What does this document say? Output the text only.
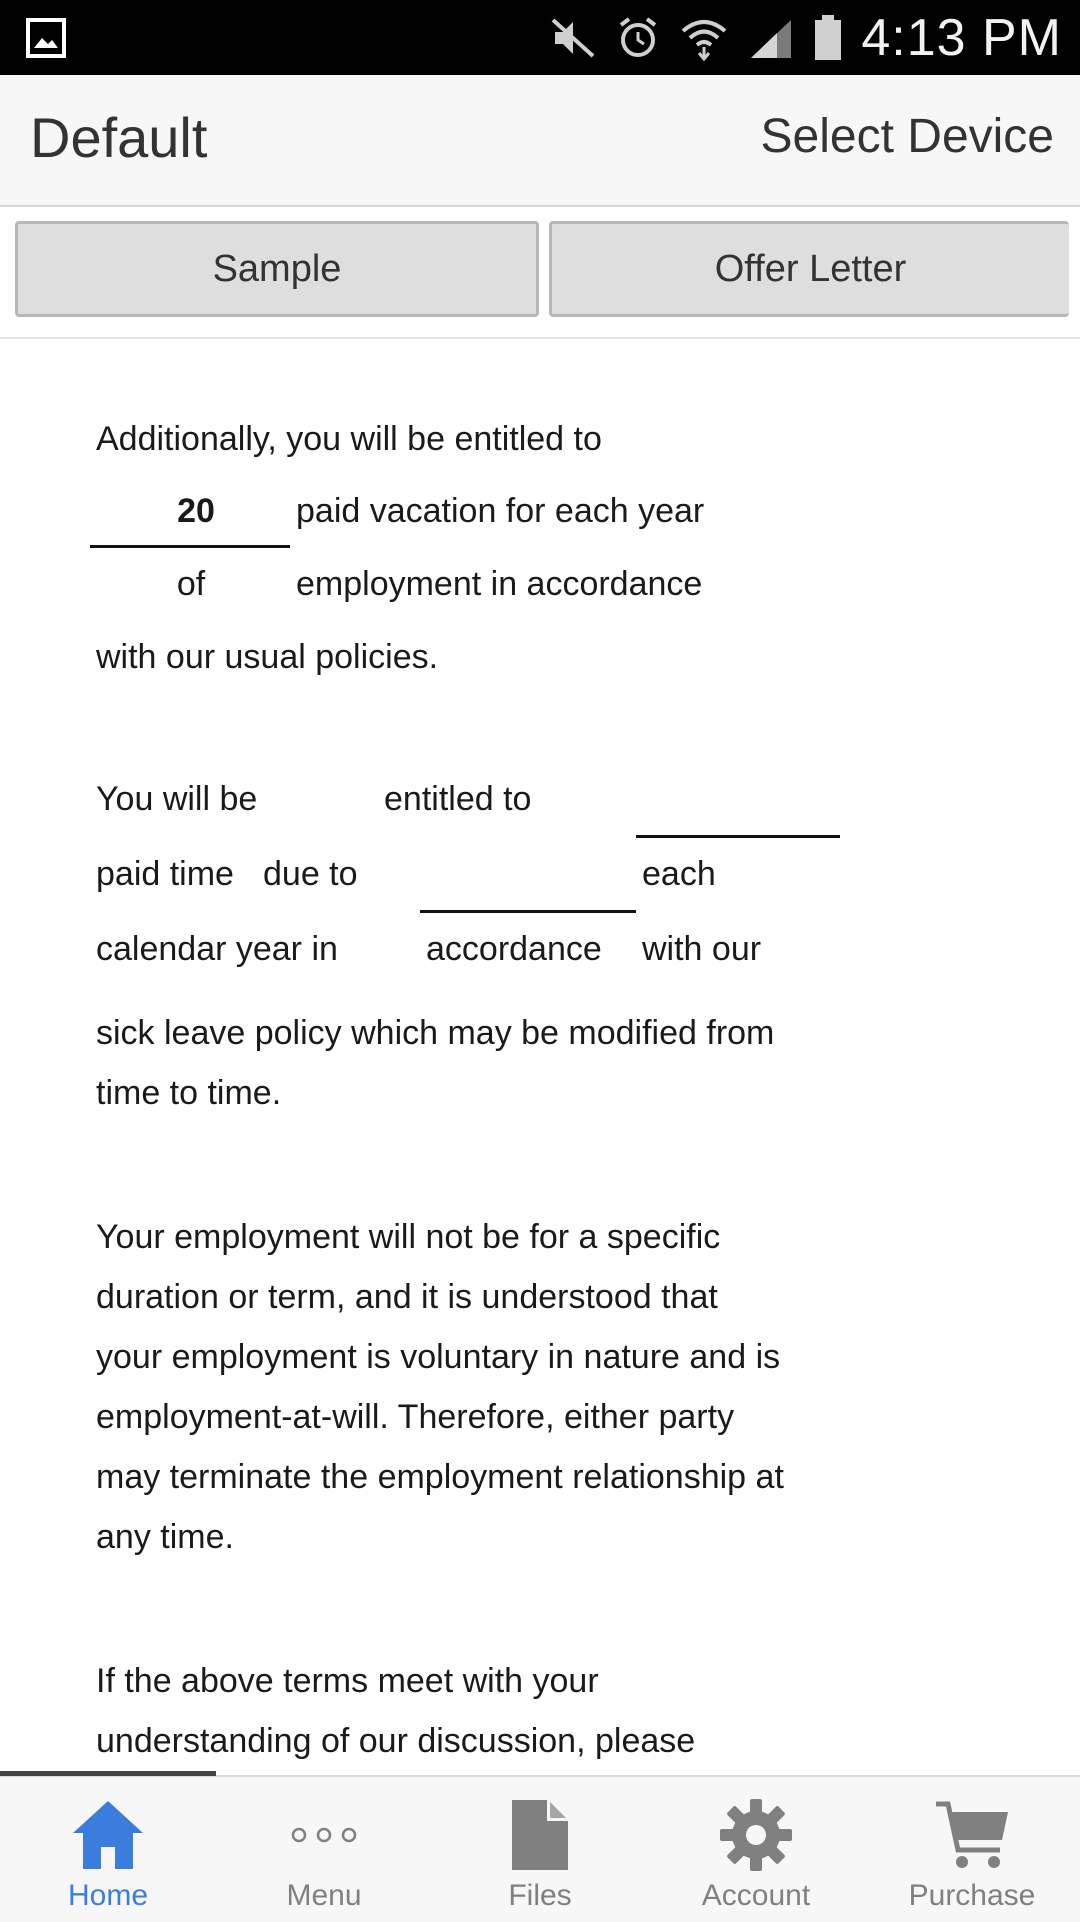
4:13 PM
Default	Select Device
Sample	Offer Letter
Additionally, you will be entitled to
20	paid vacation for each year
of	employment in accordance
with our usual policies.
You will be	entitled to
paid time due to	each
calendar year in	accordance with our
sick leave policy which may be modified from
time to time.
Your employment will not be for a specific
duration or term, and it is understood that
your employment is voluntary in nature and is
employment-at-will. Therefore, either party
may terminate the employment relationship at
any time.
If the above terms meet with your
understanding of our discussion, please
Home	Menu	Files	Account	Purchase
